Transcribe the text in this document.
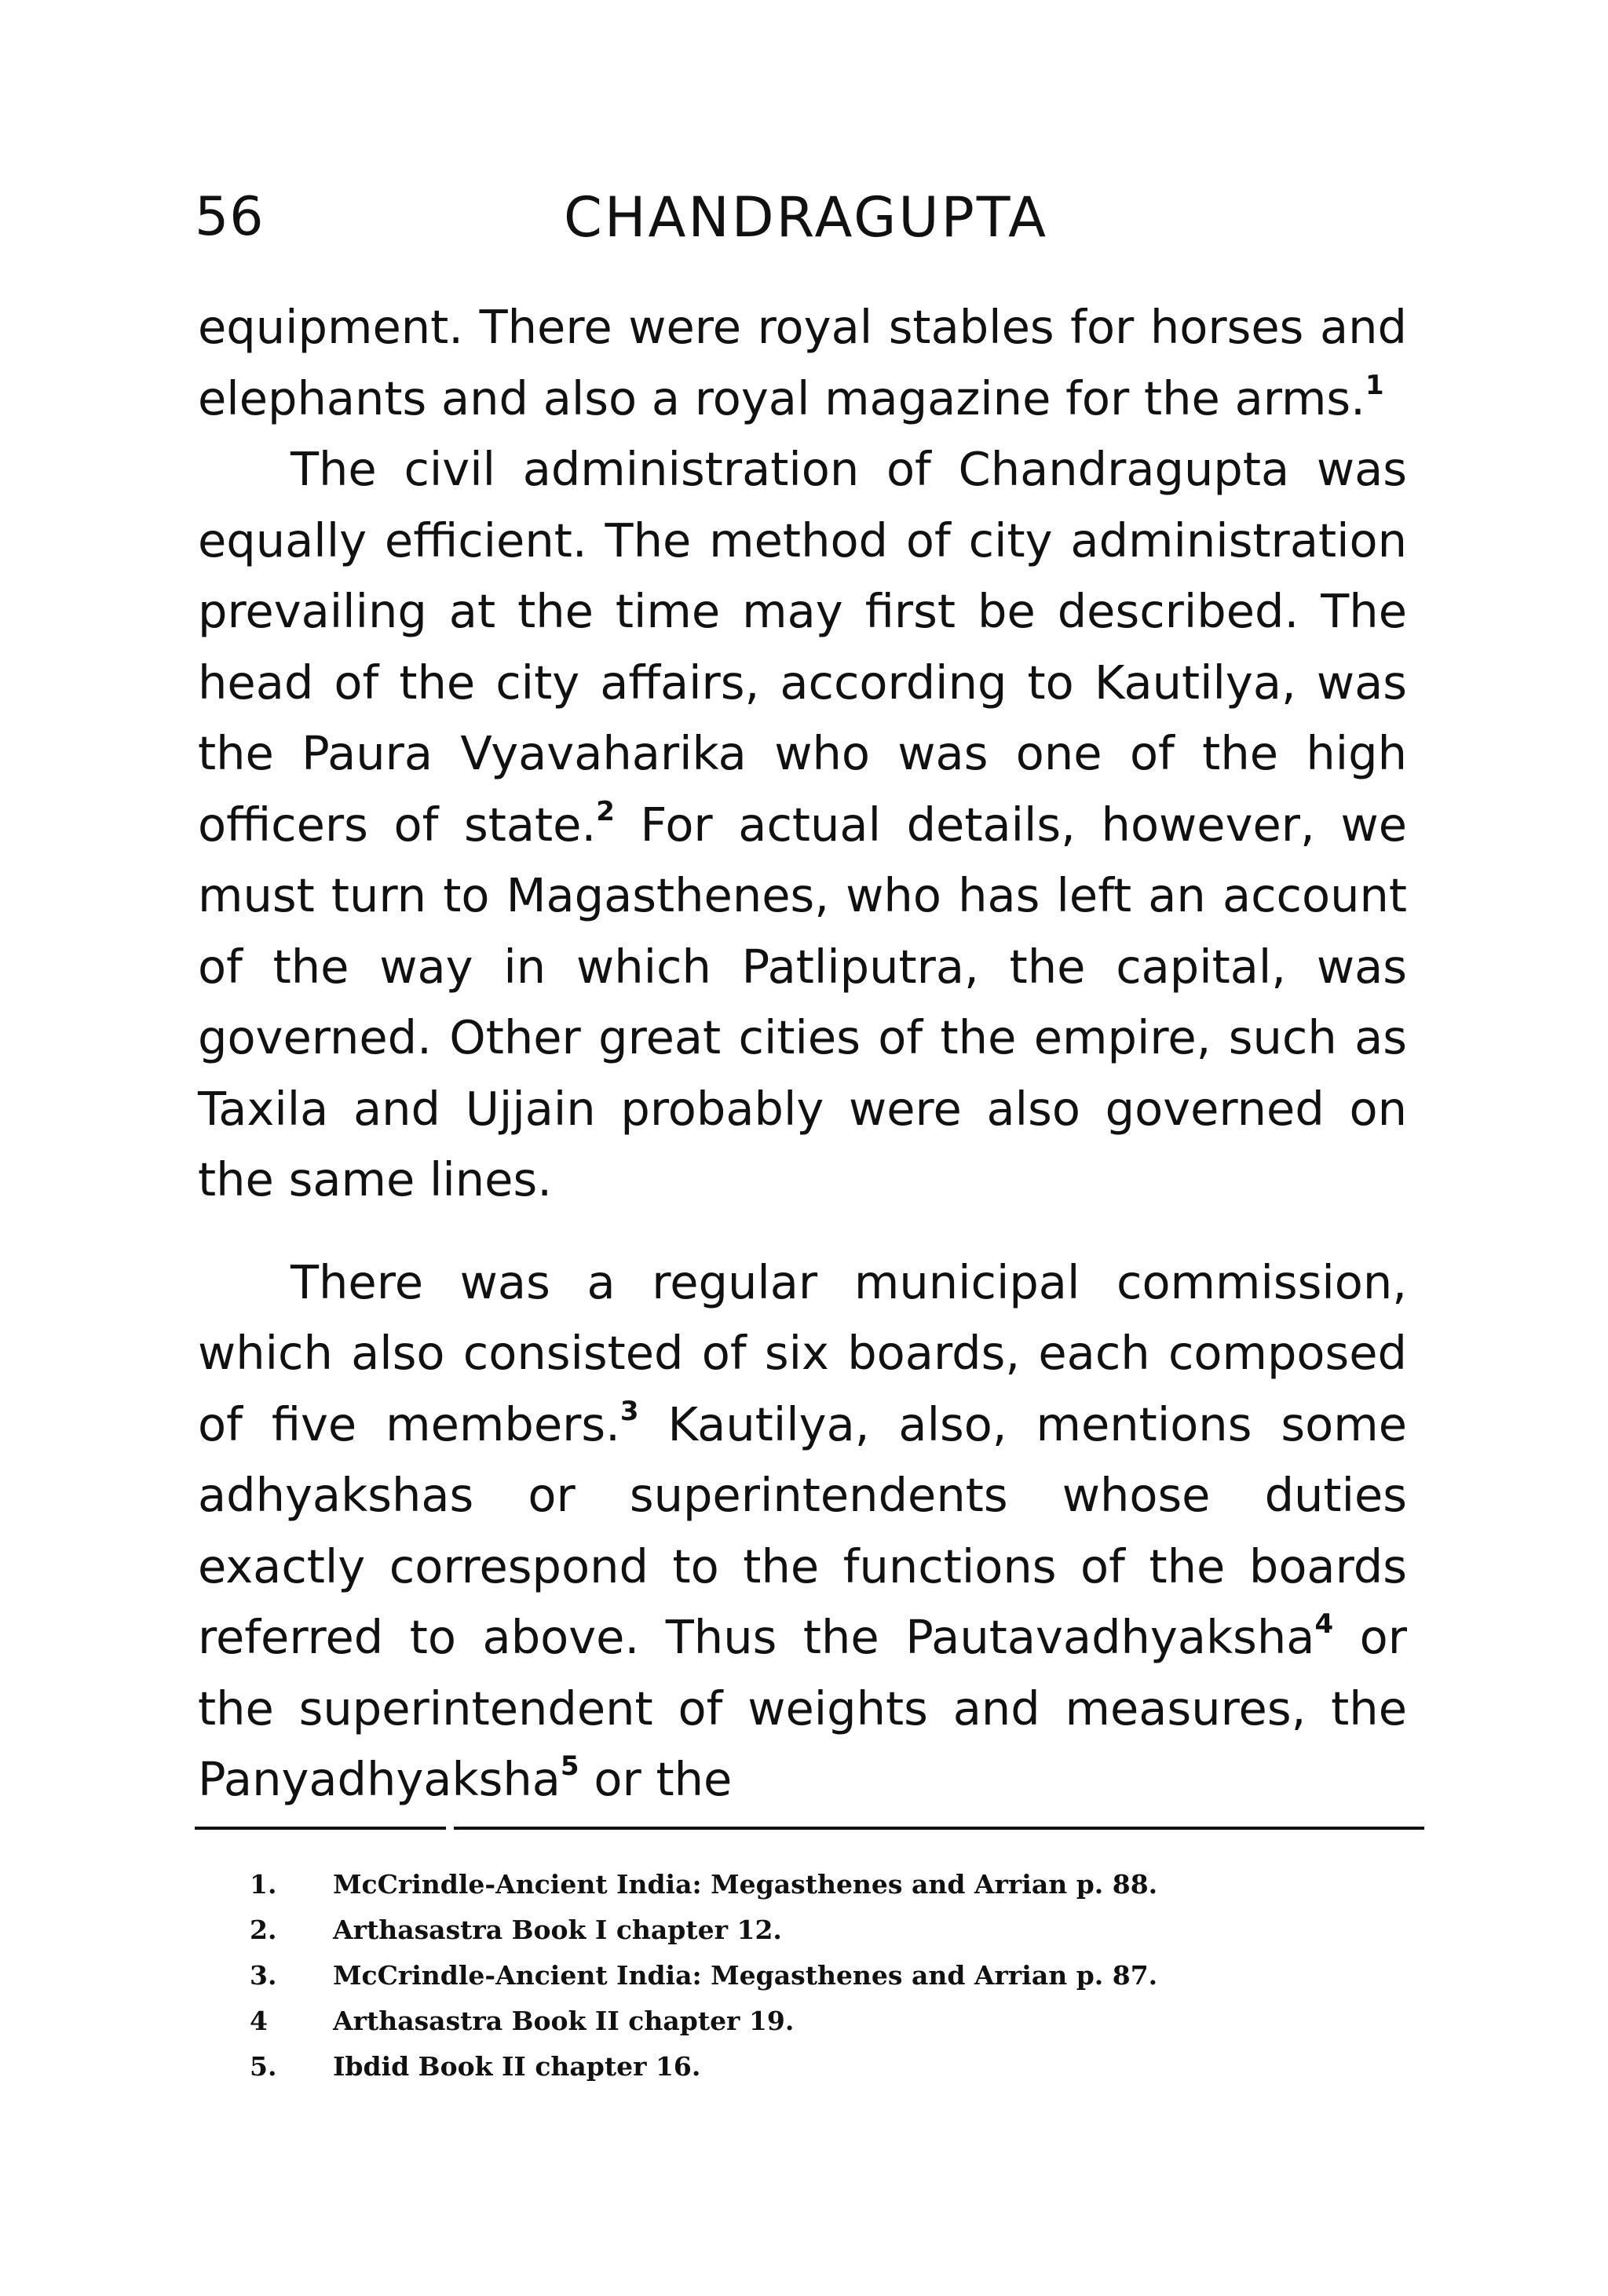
56	CHANDRAGUPTA

equipment. There were royal stables for horses and elephants and also a royal magazine for the arms.$^1$

The civil administration of Chandragupta was equally efficient. The method of city administration prevailing at the time may first be described. The head of the city affairs, according to Kautilya, was the Paura Vyavaharika who was one of the high officers of state.$^2$ For actual details, however, we must turn to Magasthenes, who has left an account of the way in which Patliputra, the capital, was governed. Other great cities of the empire, such as Taxila and Ujjain probably were also governed on the same lines.

There was a regular municipal commission, which also consisted of six boards, each composed of five members.$^3$ Kautilya, also, mentions some adhyakshas or superintendents whose duties exactly correspond to the functions of the boards referred to above. Thus the Pautavadhyaksha$^4$ or the superintendent of weights and measures, the Panyadhyaksha$^5$ or the

1.	McCrindle-Ancient India: Megasthenes and Arrian p. 88.
2.	Arthasastra Book I chapter 12.
3.	McCrindle-Ancient India: Megasthenes and Arrian p. 87.
4	Arthasastra Book II chapter 19.
5.	Ibdid Book II chapter 16.
